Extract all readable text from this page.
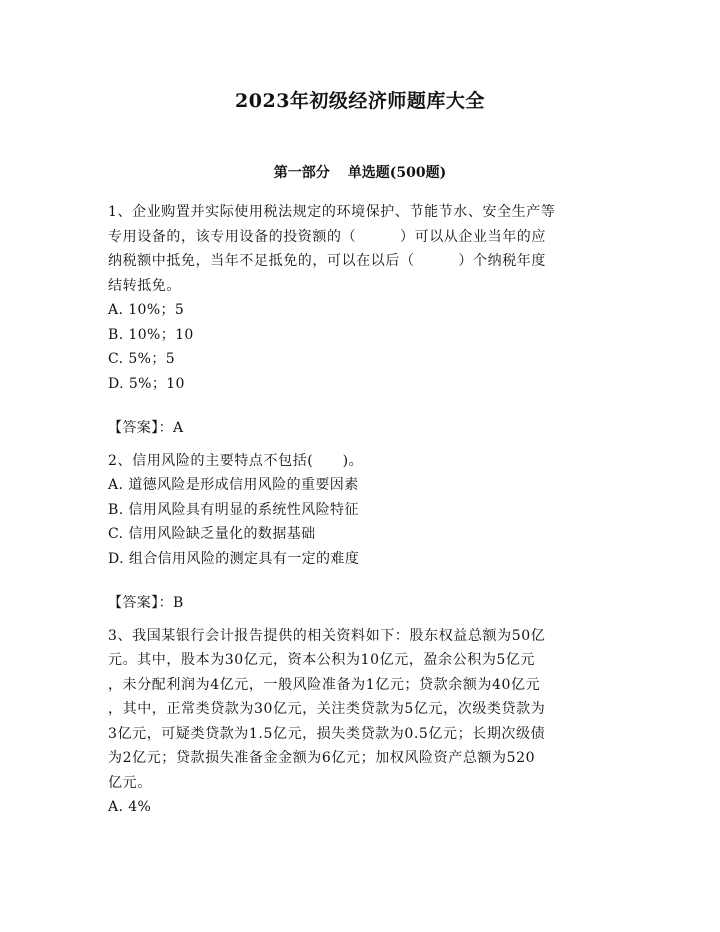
2023年初级经济师题库大全
第一部分 单选题(500题)
1、企业购置并实际使用税法规定的环境保护、节能节水、安全生产等
专用设备的，该专用设备的投资额的（　　　）可以从企业当年的应
纳税额中抵免，当年不足抵免的，可以在以后（　　　）个纳税年度
结转抵免。
A. 10%；5
B. 10%；10
C. 5%；5
D. 5%；10
【答案】：A
2、信用风险的主要特点不包括(　　)。
A. 道德风险是形成信用风险的重要因素
B. 信用风险具有明显的系统性风险特征
C. 信用风险缺乏量化的数据基础
D. 组合信用风险的测定具有一定的难度
【答案】：B
3、我国某银行会计报告提供的相关资料如下：股东权益总额为50亿
元。其中，股本为30亿元，资本公积为10亿元，盈余公积为5亿元
，未分配利润为4亿元，一般风险准备为1亿元；贷款余额为40亿元
，其中，正常类贷款为30亿元，关注类贷款为5亿元，次级类贷款为
3亿元，可疑类贷款为1.5亿元，损失类贷款为0.5亿元；长期次级债
为2亿元；贷款损失准备金金额为6亿元；加权风险资产总额为520
亿元。
A. 4%
